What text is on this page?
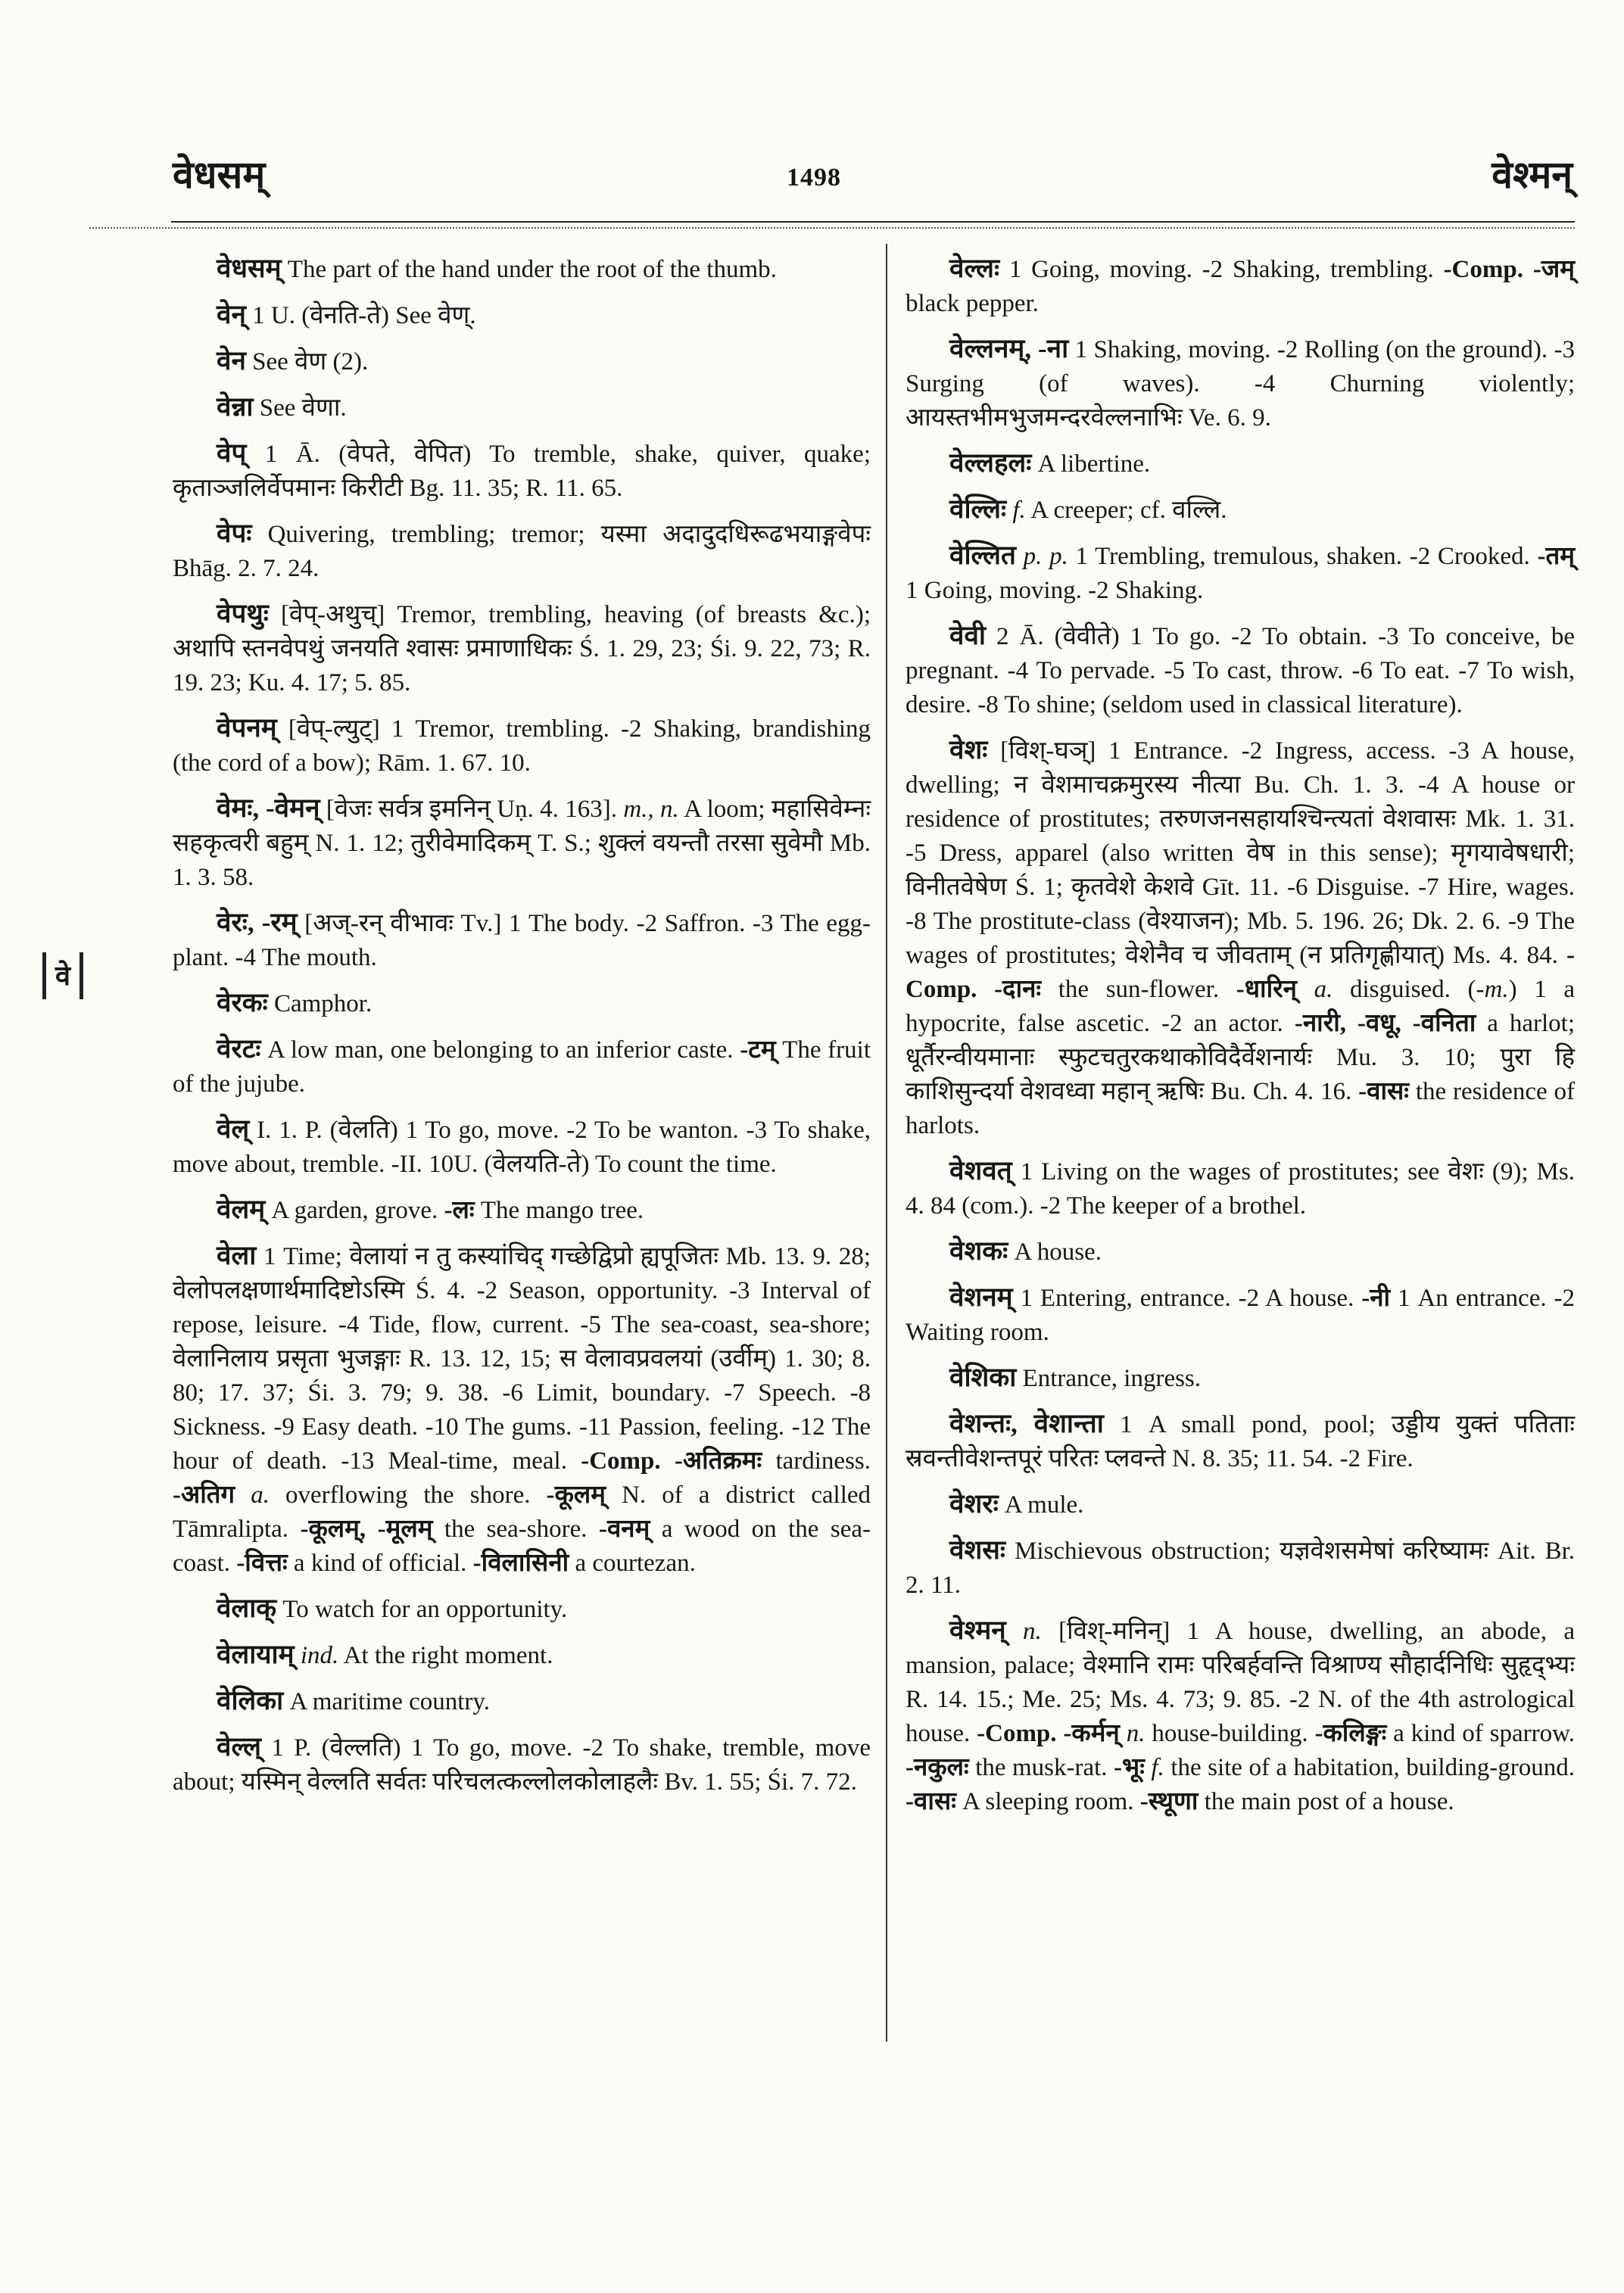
वेधसम्	1498	वेश्मन्
वे

वेधसम् The part of the hand under the root of the thumb.

वेन् 1 U. (वेनति-ते) See वेण्.

वेन See वेण (2).

वेन्ना See वेणा.

वेप् 1 Ā. (वेपते, वेपित) To tremble, shake, quiver, quake; कृताञ्जलिर्वेपमानः किरीटी Bg. 11. 35; R. 11. 65.

वेपः Quivering, trembling; tremor; यस्मा अदादुदधिरूढभयाङ्गवेपः Bhāg. 2. 7. 24.

वेपथुः [वेप्-अथुच्] Tremor, trembling, heaving (of breasts &c.); अथापि स्तनवेपथुं जनयति श्वासः प्रमाणाधिकः Ś. 1. 29, 23; Śi. 9. 22, 73; R. 19. 23; Ku. 4. 17; 5. 85.

वेपनम् [वेप्-ल्युट्] 1 Tremor, trembling. -2 Shaking, brandishing (the cord of a bow); Rām. 1. 67. 10.

वेमः, -वेमन् [वेजः सर्वत्र इमनिन् Uṇ. 4. 163]. m., n. A loom; महासिवेम्नः सहकृत्वरी बहुम् N. 1. 12; तुरीवेमादिकम् T. S.; शुक्लं वयन्तौ तरसा सुवेमौ Mb. 1. 3. 58.

वेरः, -रम् [अज्-रन् वीभावः Tv.] 1 The body. -2 Saffron. -3 The egg-plant. -4 The mouth.

वेरकः Camphor.

वेरटः A low man, one belonging to an inferior caste. -टम् The fruit of the jujube.

वेल् I. 1. P. (वेलति) 1 To go, move. -2 To be wanton. -3 To shake, move about, tremble. -II. 10U. (वेलयति-ते) To count the time.

वेलम् A garden, grove. -लः The mango tree.

वेला 1 Time; वेलायां न तु कस्यांचिद् गच्छेद्विप्रो ह्यपूजितः Mb. 13. 9. 28; वेलोपलक्षणार्थमादिष्टोऽस्मि Ś. 4. -2 Season, opportunity. -3 Interval of repose, leisure. -4 Tide, flow, current. -5 The sea-coast, sea-shore; वेलानिलाय प्रसृता भुजङ्गाः R. 13. 12, 15; स वेलावप्रवलयां (उर्वीम्) 1. 30; 8. 80; 17. 37; Śi. 3. 79; 9. 38. -6 Limit, boundary. -7 Speech. -8 Sickness. -9 Easy death. -10 The gums. -11 Passion, feeling. -12 The hour of death. -13 Meal-time, meal. -Comp. -अतिक्रमः tardiness. -अतिग a. overflowing the shore. -कूलम् N. of a district called Tāmralipta. -कूलम्, -मूलम् the sea-shore. -वनम् a wood on the sea-coast. -वित्तः a kind of official. -विलासिनी a courtezan.

वेलाक् To watch for an opportunity.

वेलायाम् ind. At the right moment.

वेलिका A maritime country.

वेल्ल् 1 P. (वेल्लति) 1 To go, move. -2 To shake, tremble, move about; यस्मिन् वेल्लति सर्वतः परिचलत्कल्लोलकोलाहलैः Bv. 1. 55; Śi. 7. 72.

वेल्लः 1 Going, moving. -2 Shaking, trembling. -Comp. -जम् black pepper.

वेल्लनम्, -ना 1 Shaking, moving. -2 Rolling (on the ground). -3 Surging (of waves). -4 Churning violently; आयस्तभीमभुजमन्दरवेल्लनाभिः Ve. 6. 9.

वेल्लहलः A libertine.

वेल्लिः f. A creeper; cf. वल्लि.

वेल्लित p. p. 1 Trembling, tremulous, shaken. -2 Crooked. -तम् 1 Going, moving. -2 Shaking.

वेवी 2 Ā. (वेवीते) 1 To go. -2 To obtain. -3 To conceive, be pregnant. -4 To pervade. -5 To cast, throw. -6 To eat. -7 To wish, desire. -8 To shine; (seldom used in classical literature).

वेशः [विश्-घञ्] 1 Entrance. -2 Ingress, access. -3 A house, dwelling; न वेशमाचक्रमुरस्य नीत्या Bu. Ch. 1. 3. -4 A house or residence of prostitutes; तरुणजनसहायश्चिन्त्यतां वेशवासः Mk. 1. 31. -5 Dress, apparel (also written वेष in this sense); मृगयावेषधारी; विनीतवेषेण Ś. 1; कृतवेशे केशवे Gīt. 11. -6 Disguise. -7 Hire, wages. -8 The prostitute-class (वेश्याजन); Mb. 5. 196. 26; Dk. 2. 6. -9 The wages of prostitutes; वेशेनैव च जीवताम् (न प्रतिगृह्णीयात्) Ms. 4. 84. -Comp. -दानः the sun-flower. -धारिन् a. disguised. (-m.) 1 a hypocrite, false ascetic. -2 an actor. -नारी, -वधू, -वनिता a harlot; धूर्तैरन्वीयमानाः स्फुटचतुरकथाकोविदैर्वेशनार्यः Mu. 3. 10; पुरा हि काशिसुन्दर्या वेशवध्वा महान् ऋषिः Bu. Ch. 4. 16. -वासः the residence of harlots.

वेशवत् 1 Living on the wages of prostitutes; see वेशः (9); Ms. 4. 84 (com.). -2 The keeper of a brothel.

वेशकः A house.

वेशनम् 1 Entering, entrance. -2 A house. -नी 1 An entrance. -2 Waiting room.

वेशिका Entrance, ingress.

वेशन्तः, वेशान्ता 1 A small pond, pool; उड्डीय युक्तं पतिताः स्रवन्तीवेशन्तपूरं परितः प्लवन्ते N. 8. 35; 11. 54. -2 Fire.

वेशरः A mule.

वेशसः Mischievous obstruction; यज्ञवेशसमेषां करिष्यामः Ait. Br. 2. 11.

वेश्मन् n. [विश्-मनिन्] 1 A house, dwelling, an abode, a mansion, palace; वेश्मानि रामः परिबर्हवन्ति विश्राण्य सौहार्दनिधिः सुहृद्भ्यः R. 14. 15.; Me. 25; Ms. 4. 73; 9. 85. -2 N. of the 4th astrological house. -Comp. -कर्मन् n. house-building. -कलिङ्गः a kind of sparrow. -नकुलः the musk-rat. -भूः f. the site of a habitation, building-ground. -वासः A sleeping room. -स्थूणा the main post of a house.
